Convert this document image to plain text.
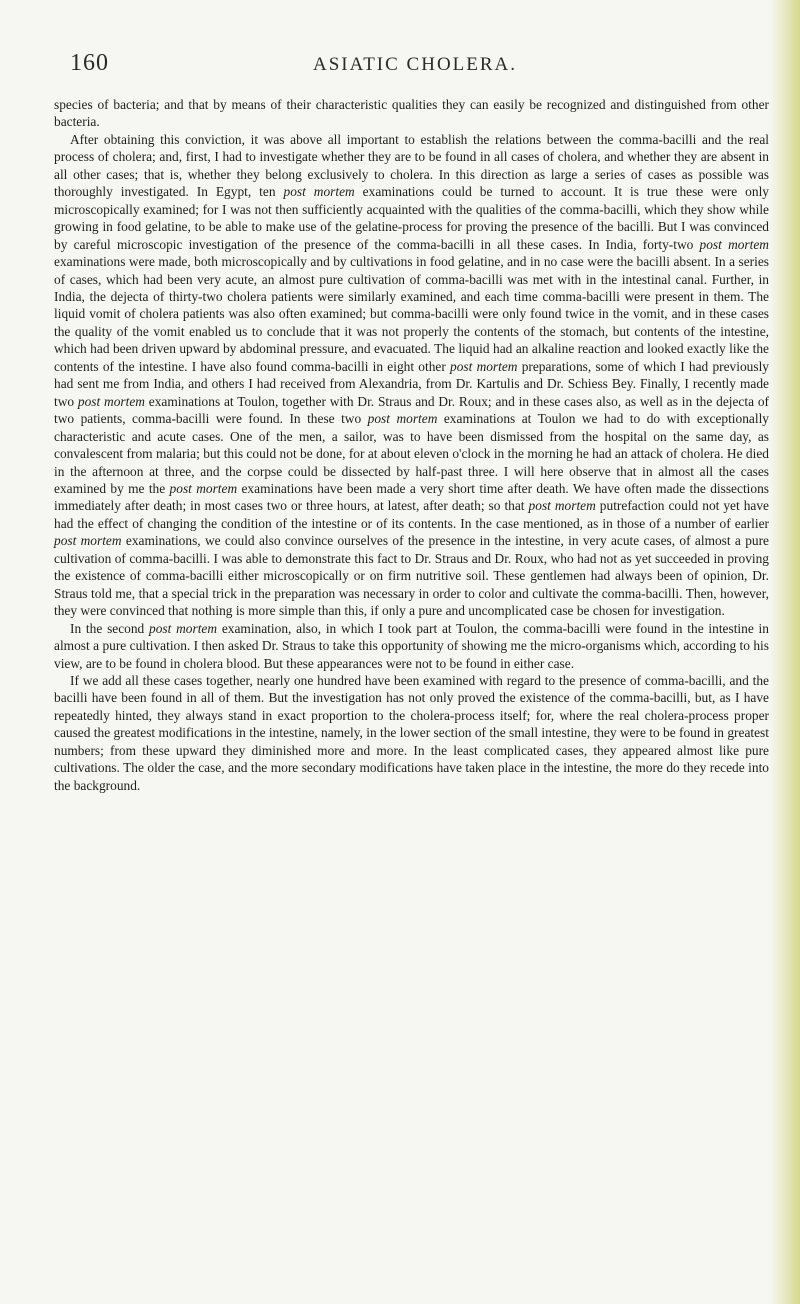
160	ASIATIC CHOLERA.

species of bacteria; and that by means of their characteristic qualities they can easily be recognized and distinguished from other bacteria.

After obtaining this conviction, it was above all important to establish the relations between the comma-bacilli and the real process of cholera; and, first, I had to investigate whether they are to be found in all cases of cholera, and whether they are absent in all other cases; that is, whether they belong exclusively to cholera. In this direction as large a series of cases as possible was thoroughly investigated. In Egypt, ten post mortem examinations could be turned to account. It is true these were only microscopically examined; for I was not then sufficiently acquainted with the qualities of the comma-bacilli, which they show while growing in food gelatine, to be able to make use of the gelatine-process for proving the presence of the bacilli. But I was convinced by careful microscopic investigation of the presence of the comma-bacilli in all these cases. In India, forty-two post mortem examinations were made, both microscopically and by cultivations in food gelatine, and in no case were the bacilli absent. In a series of cases, which had been very acute, an almost pure cultivation of comma-bacilli was met with in the intestinal canal. Further, in India, the dejecta of thirty-two cholera patients were similarly examined, and each time comma-bacilli were present in them. The liquid vomit of cholera patients was also often examined; but comma-bacilli were only found twice in the vomit, and in these cases the quality of the vomit enabled us to conclude that it was not properly the contents of the stomach, but contents of the intestine, which had been driven upward by abdominal pressure, and evacuated. The liquid had an alkaline reaction and looked exactly like the contents of the intestine. I have also found comma-bacilli in eight other post mortem preparations, some of which I had previously had sent me from India, and others I had received from Alexandria, from Dr. Kartulis and Dr. Schiess Bey. Finally, I recently made two post mortem examinations at Toulon, together with Dr. Straus and Dr. Roux; and in these cases also, as well as in the dejecta of two patients, comma-bacilli were found. In these two post mortem examinations at Toulon we had to do with exceptionally characteristic and acute cases. One of the men, a sailor, was to have been dismissed from the hospital on the same day, as convalescent from malaria; but this could not be done, for at about eleven o'clock in the morning he had an attack of cholera. He died in the afternoon at three, and the corpse could be dissected by half-past three. I will here observe that in almost all the cases examined by me the post mortem examinations have been made a very short time after death. We have often made the dissections immediately after death; in most cases two or three hours, at latest, after death; so that post mortem putrefaction could not yet have had the effect of changing the condition of the intestine or of its contents. In the case mentioned, as in those of a number of earlier post mortem examinations, we could also convince ourselves of the presence in the intestine, in very acute cases, of almost a pure cultivation of comma-bacilli. I was able to demonstrate this fact to Dr. Straus and Dr. Roux, who had not as yet succeeded in proving the existence of comma-bacilli either microscopically or on firm nutritive soil. These gentlemen had always been of opinion, Dr. Straus told me, that a special trick in the preparation was necessary in order to color and cultivate the comma-bacilli. Then, however, they were convinced that nothing is more simple than this, if only a pure and uncomplicated case be chosen for investigation.

In the second post mortem examination, also, in which I took part at Toulon, the comma-bacilli were found in the intestine in almost a pure cultivation. I then asked Dr. Straus to take this opportunity of showing me the micro-organisms which, according to his view, are to be found in cholera blood. But these appearances were not to be found in either case.

If we add all these cases together, nearly one hundred have been examined with regard to the presence of comma-bacilli, and the bacilli have been found in all of them. But the investigation has not only proved the existence of the comma-bacilli, but, as I have repeatedly hinted, they always stand in exact proportion to the cholera-process itself; for, where the real cholera-process proper caused the greatest modifications in the intestine, namely, in the lower section of the small intestine, they were to be found in greatest numbers; from these upward they diminished more and more. In the least complicated cases, they appeared almost like pure cultivations. The older the case, and the more secondary modifications have taken place in the intestine, the more do they recede into the background.
